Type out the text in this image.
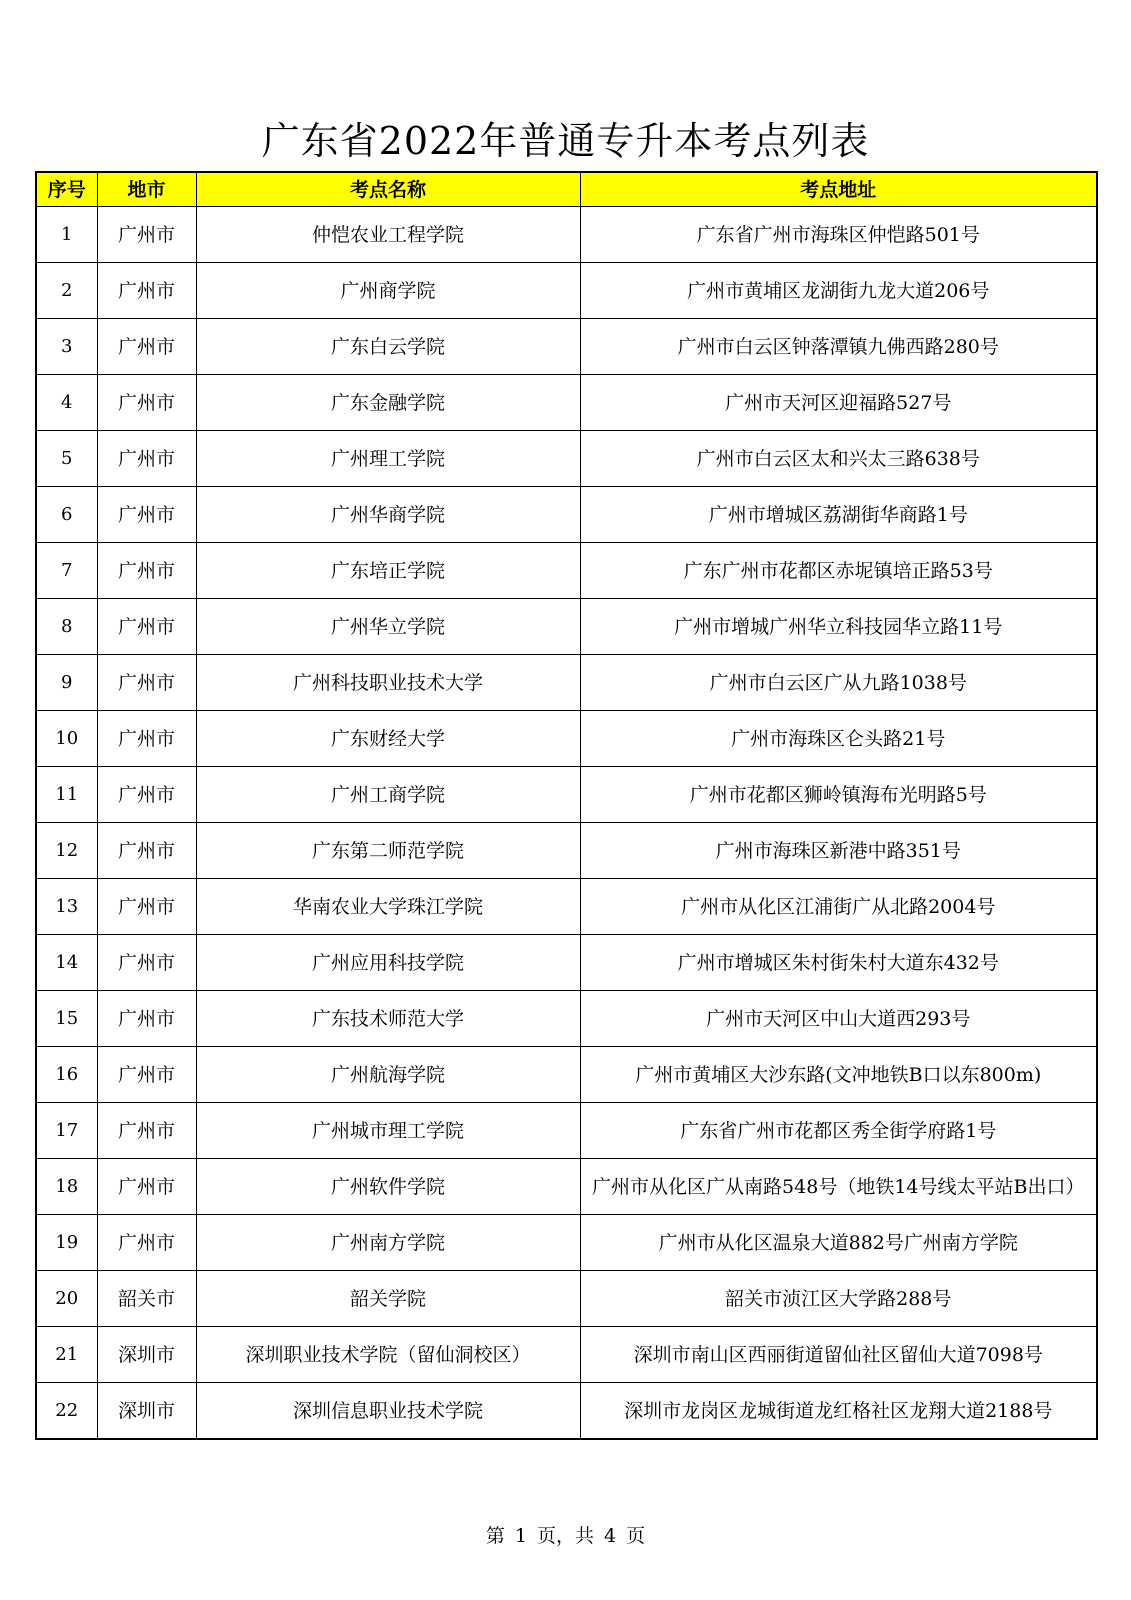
广东省2022年普通专升本考点列表
序号	地市	考点名称	考点地址
1	广州市	仲恺农业工程学院	广东省广州市海珠区仲恺路501号
2	广州市	广州商学院	广州市黄埔区龙湖街九龙大道206号
3	广州市	广东白云学院	广州市白云区钟落潭镇九佛西路280号
4	广州市	广东金融学院	广州市天河区迎福路527号
5	广州市	广州理工学院	广州市白云区太和兴太三路638号
6	广州市	广州华商学院	广州市增城区荔湖街华商路1号
7	广州市	广东培正学院	广东广州市花都区赤坭镇培正路53号
8	广州市	广州华立学院	广州市增城广州华立科技园华立路11号
9	广州市	广州科技职业技术大学	广州市白云区广从九路1038号
10	广州市	广东财经大学	广州市海珠区仑头路21号
11	广州市	广州工商学院	广州市花都区狮岭镇海布光明路5号
12	广州市	广东第二师范学院	广州市海珠区新港中路351号
13	广州市	华南农业大学珠江学院	广州市从化区江浦街广从北路2004号
14	广州市	广州应用科技学院	广州市增城区朱村街朱村大道东432号
15	广州市	广东技术师范大学	广州市天河区中山大道西293号
16	广州市	广州航海学院	广州市黄埔区大沙东路(文冲地铁B口以东800m)
17	广州市	广州城市理工学院	广东省广州市花都区秀全街学府路1号
18	广州市	广州软件学院	广州市从化区广从南路548号（地铁14号线太平站B出口）
19	广州市	广州南方学院	广州市从化区温泉大道882号广州南方学院
20	韶关市	韶关学院	韶关市浈江区大学路288号
21	深圳市	深圳职业技术学院（留仙洞校区）	深圳市南山区西丽街道留仙社区留仙大道7098号
22	深圳市	深圳信息职业技术学院	深圳市龙岗区龙城街道龙红格社区龙翔大道2188号
第 1 页，共 4 页
